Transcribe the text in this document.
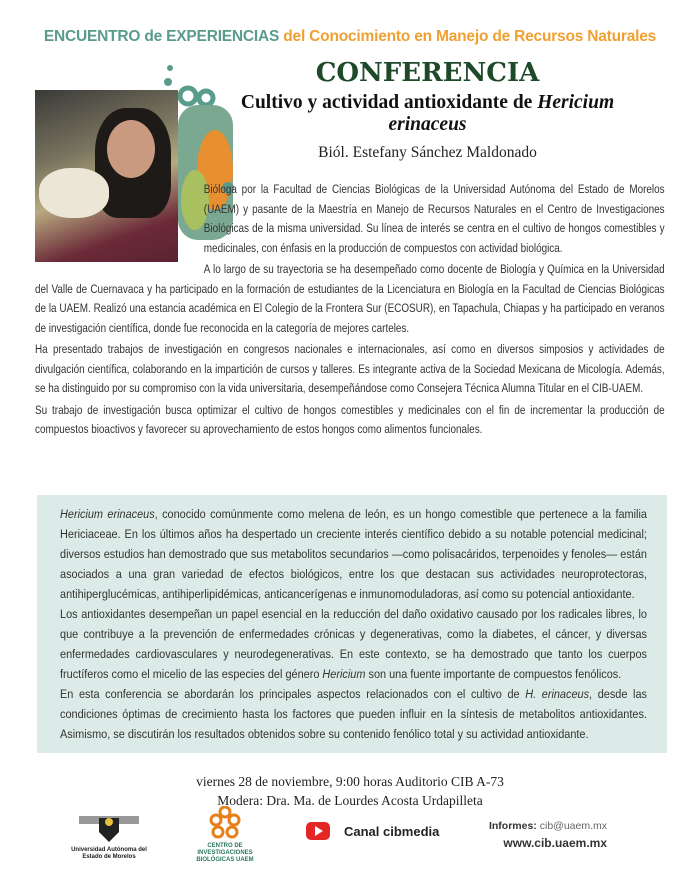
ENCUENTRO de EXPERIENCIAS del Conocimiento en Manejo de Recursos Naturales
CONFERENCIA
Cultivo y actividad antioxidante de Hericium erinaceus
Biól. Estefany Sánchez Maldonado

Bióloga por la Facultad de Ciencias Biológicas de la Universidad Autónoma del Estado de Morelos (UAEM) y pasante de la Maestría en Manejo de Recursos Naturales en el Centro de Investigaciones Biológicas de la misma universidad. Su línea de interés se centra en el cultivo de hongos comestibles y medicinales, con énfasis en la producción de compuestos con actividad biológica.

A lo largo de su trayectoria se ha desempeñado como docente de Biología y Química en la Universidad del Valle de Cuernavaca y ha participado en la formación de estudiantes de la Licenciatura en Biología en la Facultad de Ciencias Biológicas de la UAEM. Realizó una estancia académica en El Colegio de la Frontera Sur (ECOSUR), en Tapachula, Chiapas y ha participado en veranos de investigación científica, donde fue reconocida en la categoría de mejores carteles.

Ha presentado trabajos de investigación en congresos nacionales e internacionales, así como en diversos simposios y actividades de divulgación científica, colaborando en la impartición de cursos y talleres. Es integrante activa de la Sociedad Mexicana de Micología. Además, se ha distinguido por su compromiso con la vida universitaria, desempeñándose como Consejera Técnica Alumna Titular en el CIB-UAEM.

Su trabajo de investigación busca optimizar el cultivo de hongos comestibles y medicinales con el fin de incrementar la producción de compuestos bioactivos y favorecer su aprovechamiento de estos hongos como alimentos funcionales.

Hericium erinaceus, conocido comúnmente como melena de león, es un hongo comestible que pertenece a la familia Hericiaceae. En los últimos años ha despertado un creciente interés científico debido a su notable potencial medicinal; diversos estudios han demostrado que sus metabolitos secundarios —como polisacáridos, terpenoides y fenoles— están asociados a una gran variedad de efectos biológicos, entre los que destacan sus actividades neuroprotectoras, antihiperglucémicas, antihiperlipidémicas, anticancerígenas e inmunomoduladoras, así como su potencial antioxidante.

Los antioxidantes desempeñan un papel esencial en la reducción del daño oxidativo causado por los radicales libres, lo que contribuye a la prevención de enfermedades crónicas y degenerativas, como la diabetes, el cáncer, y diversas enfermedades cardiovasculares y neurodegenerativas. En este contexto, se ha demostrado que tanto los cuerpos fructíferos como el micelio de las especies del género Hericium son una fuente importante de compuestos fenólicos.

En esta conferencia se abordarán los principales aspectos relacionados con el cultivo de H. erinaceus, desde las condiciones óptimas de crecimiento hasta los factores que pueden influir en la síntesis de metabolitos antioxidantes. Asimismo, se discutirán los resultados obtenidos sobre su contenido fenólico total y su actividad antioxidante.

viernes 28 de noviembre, 9:00 horas Auditorio CIB A-73
Modera: Dra. Ma. de Lourdes Acosta Urdapilleta
Universidad Autónoma del Estado de Morelos
CENTRO DE INVESTIGACIONES BIOLÓGICAS UAEM
Canal cibmedia	Informes: cib@uaem.mx
www.cib.uaem.mx
